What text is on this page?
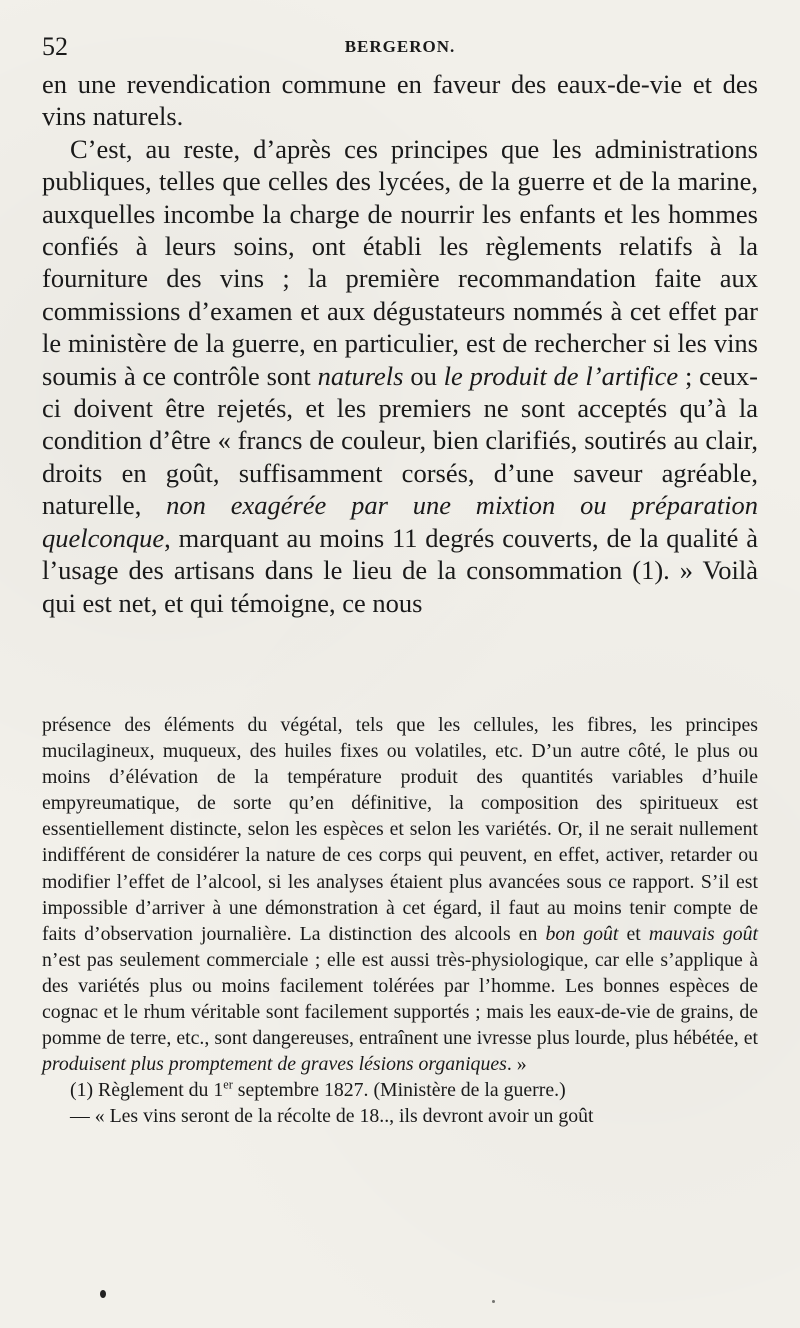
52	BERGERON.

en une revendication commune en faveur des eaux-de-vie et des vins naturels.

C’est, au reste, d’après ces principes que les administrations publiques, telles que celles des lycées, de la guerre et de la marine, auxquelles incombe la charge de nourrir les enfants et les hommes confiés à leurs soins, ont établi les règlements relatifs à la fourniture des vins ; la première recommandation faite aux commissions d’examen et aux dégustateurs nommés à cet effet par le ministère de la guerre, en particulier, est de rechercher si les vins soumis à ce contrôle sont naturels ou le produit de l’artifice ; ceux-ci doivent être rejetés, et les premiers ne sont acceptés qu’à la condition d’être « francs de couleur, bien clarifiés, soutirés au clair, droits en goût, suffisamment corsés, d’une saveur agréable, naturelle, non exagérée par une mixtion ou préparation quelconque, marquant au moins 11 degrés couverts, de la qualité à l’usage des artisans dans le lieu de la consommation (1). » Voilà qui est net, et qui témoigne, ce nous

présence des éléments du végétal, tels que les cellules, les fibres, les principes mucilagineux, muqueux, des huiles fixes ou volatiles, etc. D’un autre côté, le plus ou moins d’élévation de la température produit des quantités variables d’huile empyreumatique, de sorte qu’en définitive, la composition des spiritueux est essentiellement distincte, selon les espèces et selon les variétés. Or, il ne serait nullement indifférent de considérer la nature de ces corps qui peuvent, en effet, activer, retarder ou modifier l’effet de l’alcool, si les analyses étaient plus avancées sous ce rapport. S’il est impossible d’arriver à une démonstration à cet égard, il faut au moins tenir compte de faits d’observation journalière. La distinction des alcools en bon goût et mauvais goût n’est pas seulement commerciale ; elle est aussi très-physiologique, car elle s’applique à des variétés plus ou moins facilement tolérées par l’homme. Les bonnes espèces de cognac et le rhum véritable sont facilement supportés ; mais les eaux-de-vie de grains, de pomme de terre, etc., sont dangereuses, entraînent une ivresse plus lourde, plus hébétée, et produisent plus promptement de graves lésions organiques. »

(1) Règlement du 1er septembre 1827. (Ministère de la guerre.)

— « Les vins seront de la récolte de 18.., ils devront avoir un goût
